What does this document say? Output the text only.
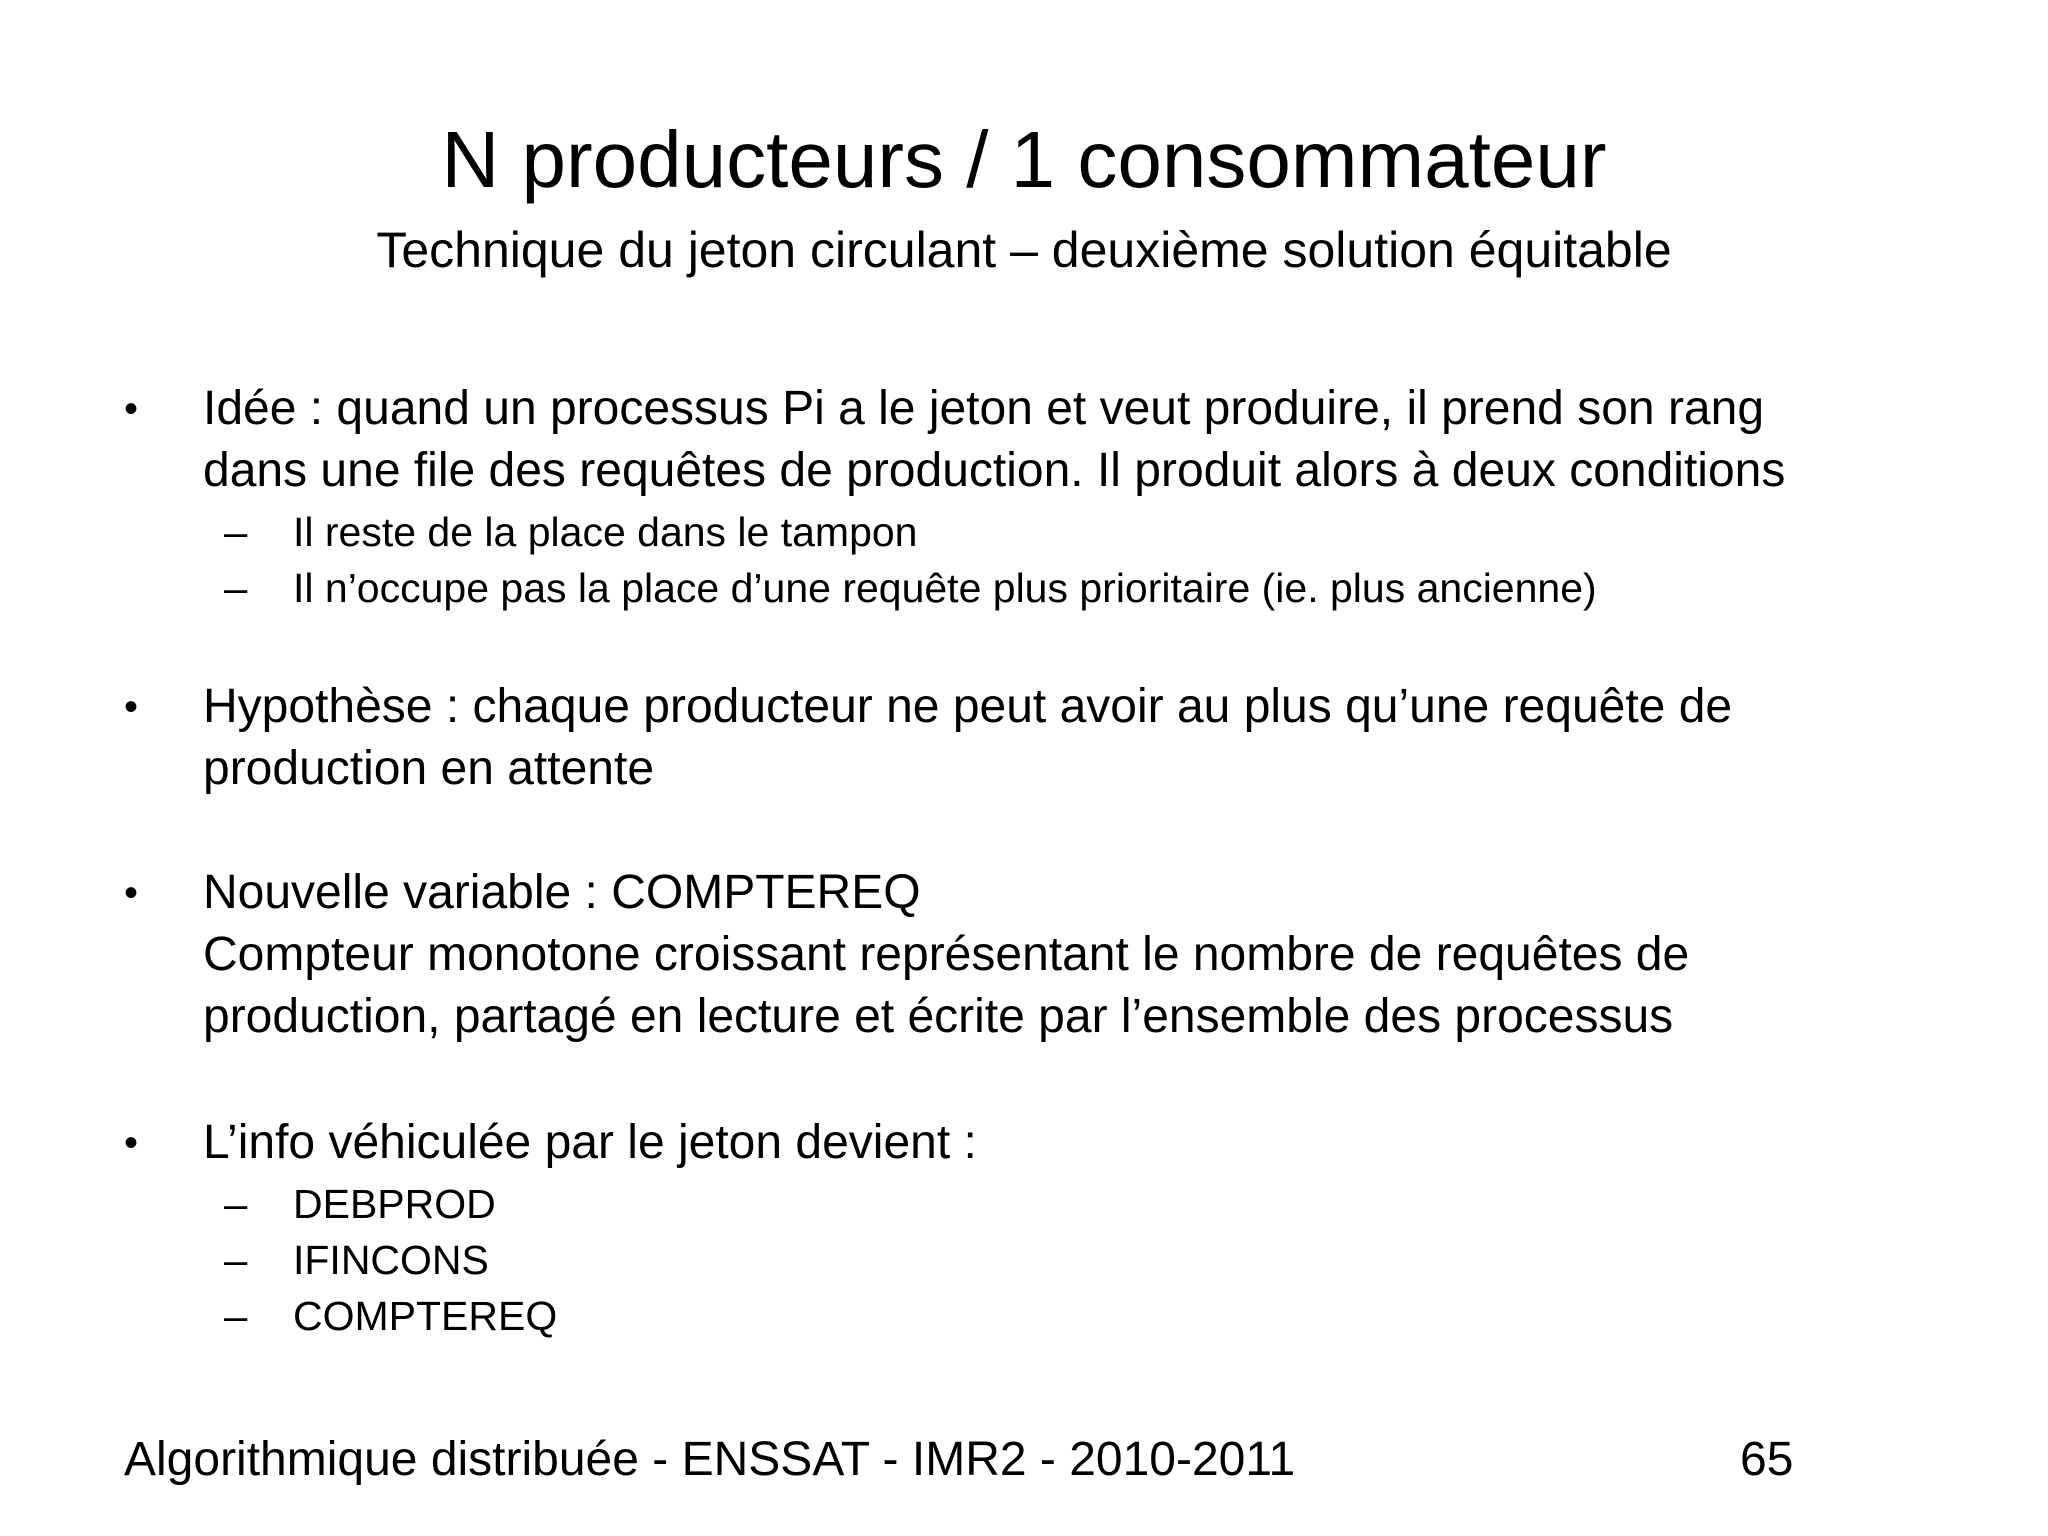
N producteurs / 1 consommateur
Technique du jeton circulant – deuxième solution équitable
• Idée : quand un processus Pi a le jeton et veut produire, il prend son rang
dans une file des requêtes de production. Il produit alors à deux conditions
– Il reste de la place dans le tampon
– Il n’occupe pas la place d’une requête plus prioritaire (ie. plus ancienne)
• Hypothèse : chaque producteur ne peut avoir au plus qu’une requête de
production en attente
• Nouvelle variable : COMPTEREQ
Compteur monotone croissant représentant le nombre de requêtes de
production, partagé en lecture et écrite par l’ensemble des processus
• L’info véhiculée par le jeton devient :
– DEBPROD
– IFINCONS
– COMPTEREQ
Algorithmique distribuée - ENSSAT - IMR2 - 2010-2011	65
